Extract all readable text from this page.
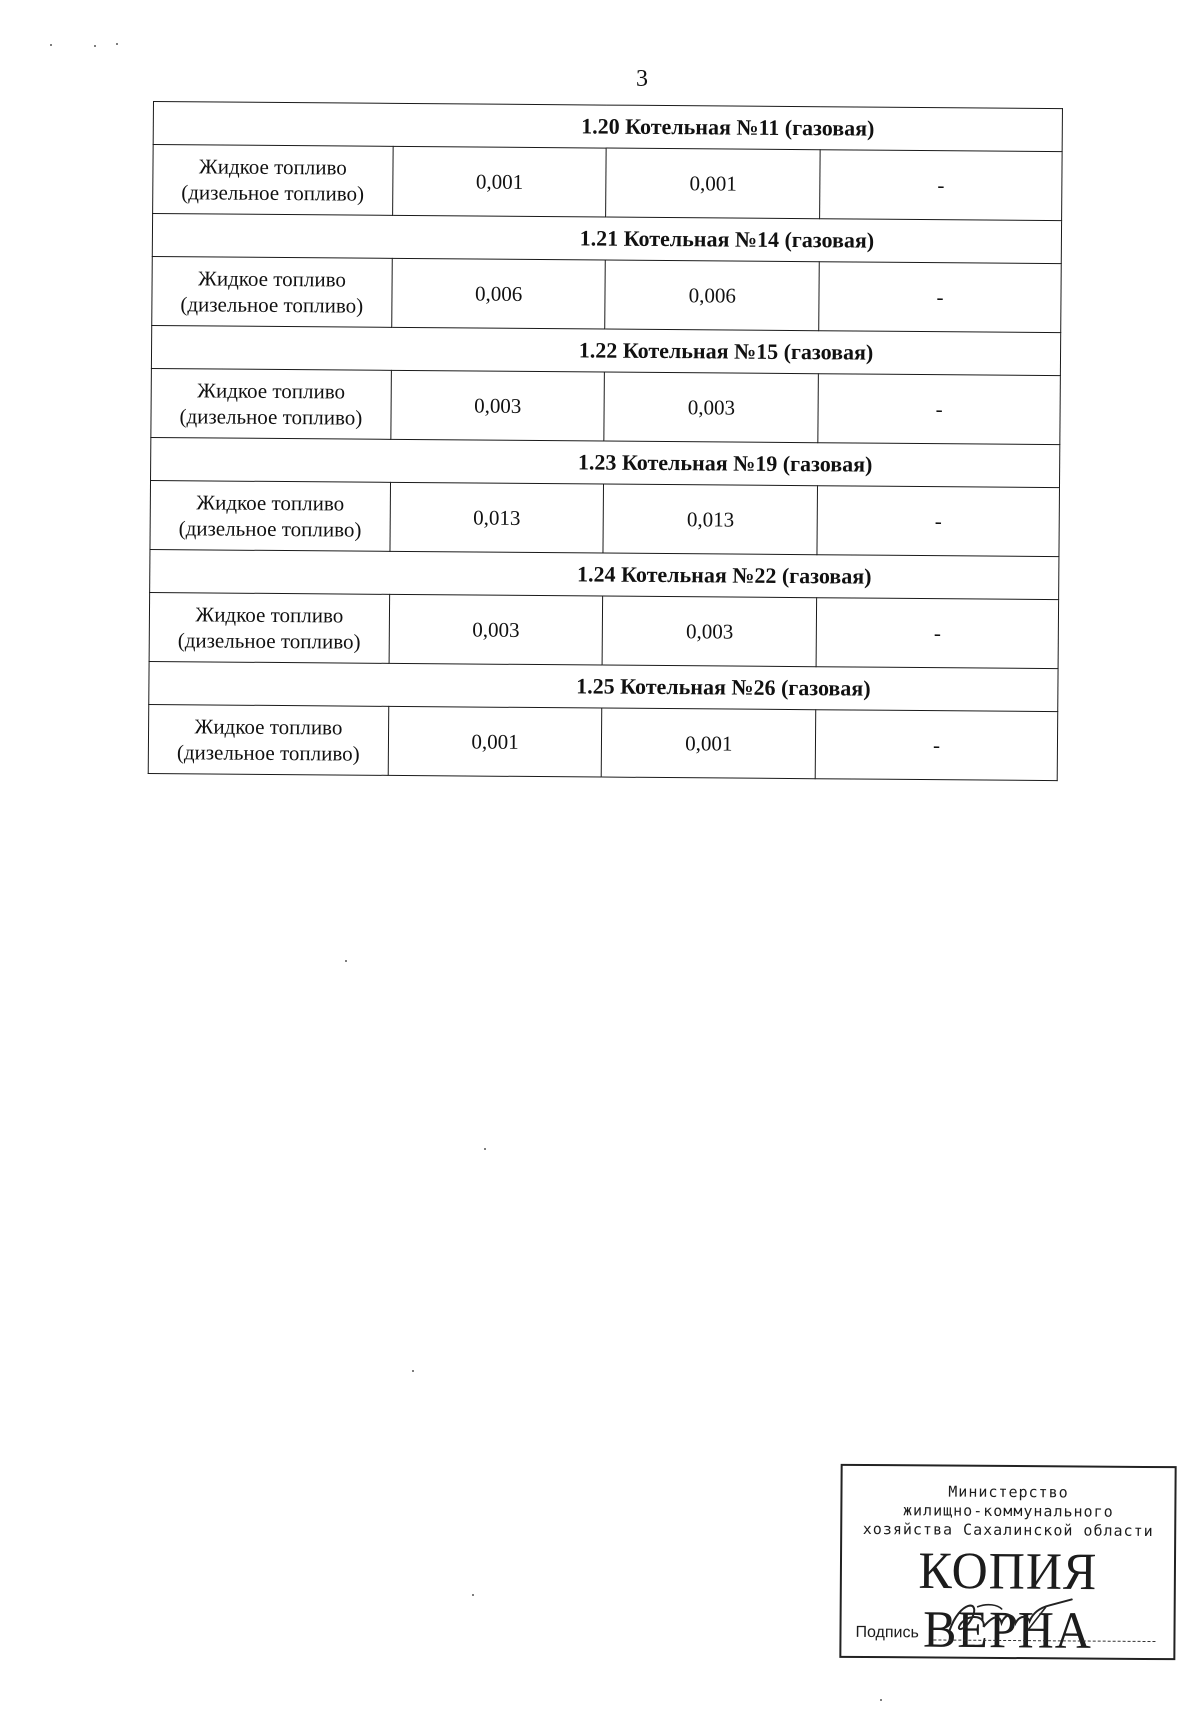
3
1.20 Котельная №11 (газовая)			
Жидкое топливо
(дизельное топливо)	0,001	0,001	-
1.21 Котельная №14 (газовая)			
Жидкое топливо
(дизельное топливо)	0,006	0,006	-
1.22 Котельная №15 (газовая)			
Жидкое топливо
(дизельное топливо)	0,003	0,003	-
1.23 Котельная №19 (газовая)			
Жидкое топливо
(дизельное топливо)	0,013	0,013	-
1.24 Котельная №22 (газовая)			
Жидкое топливо
(дизельное топливо)	0,003	0,003	-
1.25 Котельная №26 (газовая)			
Жидкое топливо
(дизельное топливо)	0,001	0,001	-
Министерство
жилищно-коммунального
хозяйства Сахалинской области
КОПИЯ ВЕРНА
Подпись
